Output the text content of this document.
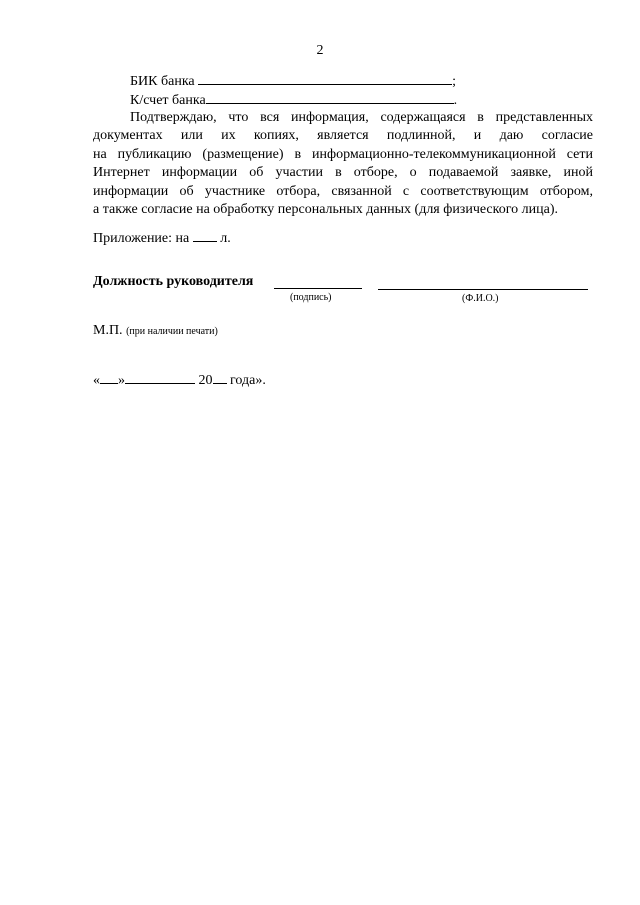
2
БИК банка	;
К/счет банка	.
Подтверждаю, что вся информация, содержащаяся в представленных
документах или их копиях, является подлинной, и даю согласие
на публикацию (размещение) в информационно-телекоммуникационной сети
Интернет информации об участии в отборе, о подаваемой заявке, иной
информации об участнике отбора, связанной с соответствующим отбором,
а также согласие на обработку персональных данных (для физического лица).
Приложение: на л.
Должность руководителя
(подпись)	(Ф.И.О.)
М.П. (при наличии печати)
« »	20 года».
